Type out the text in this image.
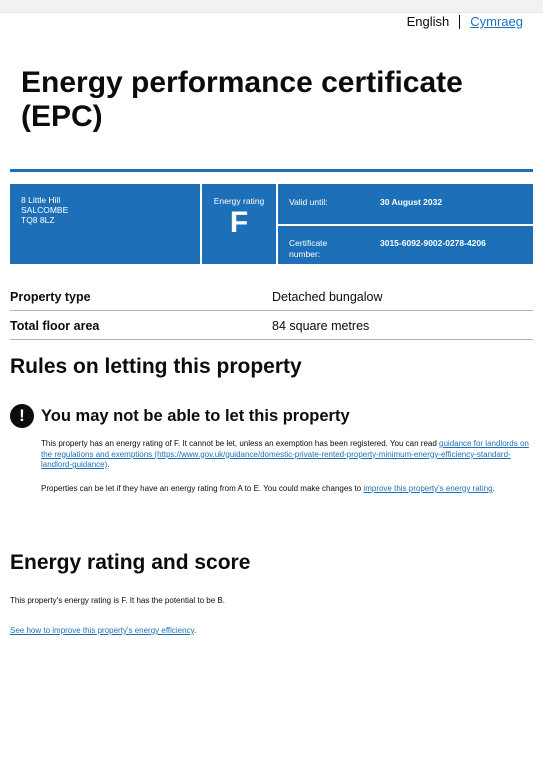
English Cymraeg
Energy performance certificate (EPC)
8 Little Hill
SALCOMBE
TQ8 8LZ
Energy rating
F
Valid until:	30 August 2032
Certificate number:
3015-6092-9002-0278-4206
Property type	Detached bungalow
Total floor area	84 square metres
Rules on letting this property
! You may not be able to let this property

This property has an energy rating of F. It cannot be let, unless an exemption has been registered. You can read guidance for landlords on the regulations and exemptions (https://www.gov.uk/guidance/domestic-private-rented-property-minimum-energy-efficiency-standard-landlord-guidance).

Properties can be let if they have an energy rating from A to E. You could make changes to improve this property's energy rating.

Energy rating and score

This property's energy rating is F. It has the potential to be B.

See how to improve this property's energy efficiency.
